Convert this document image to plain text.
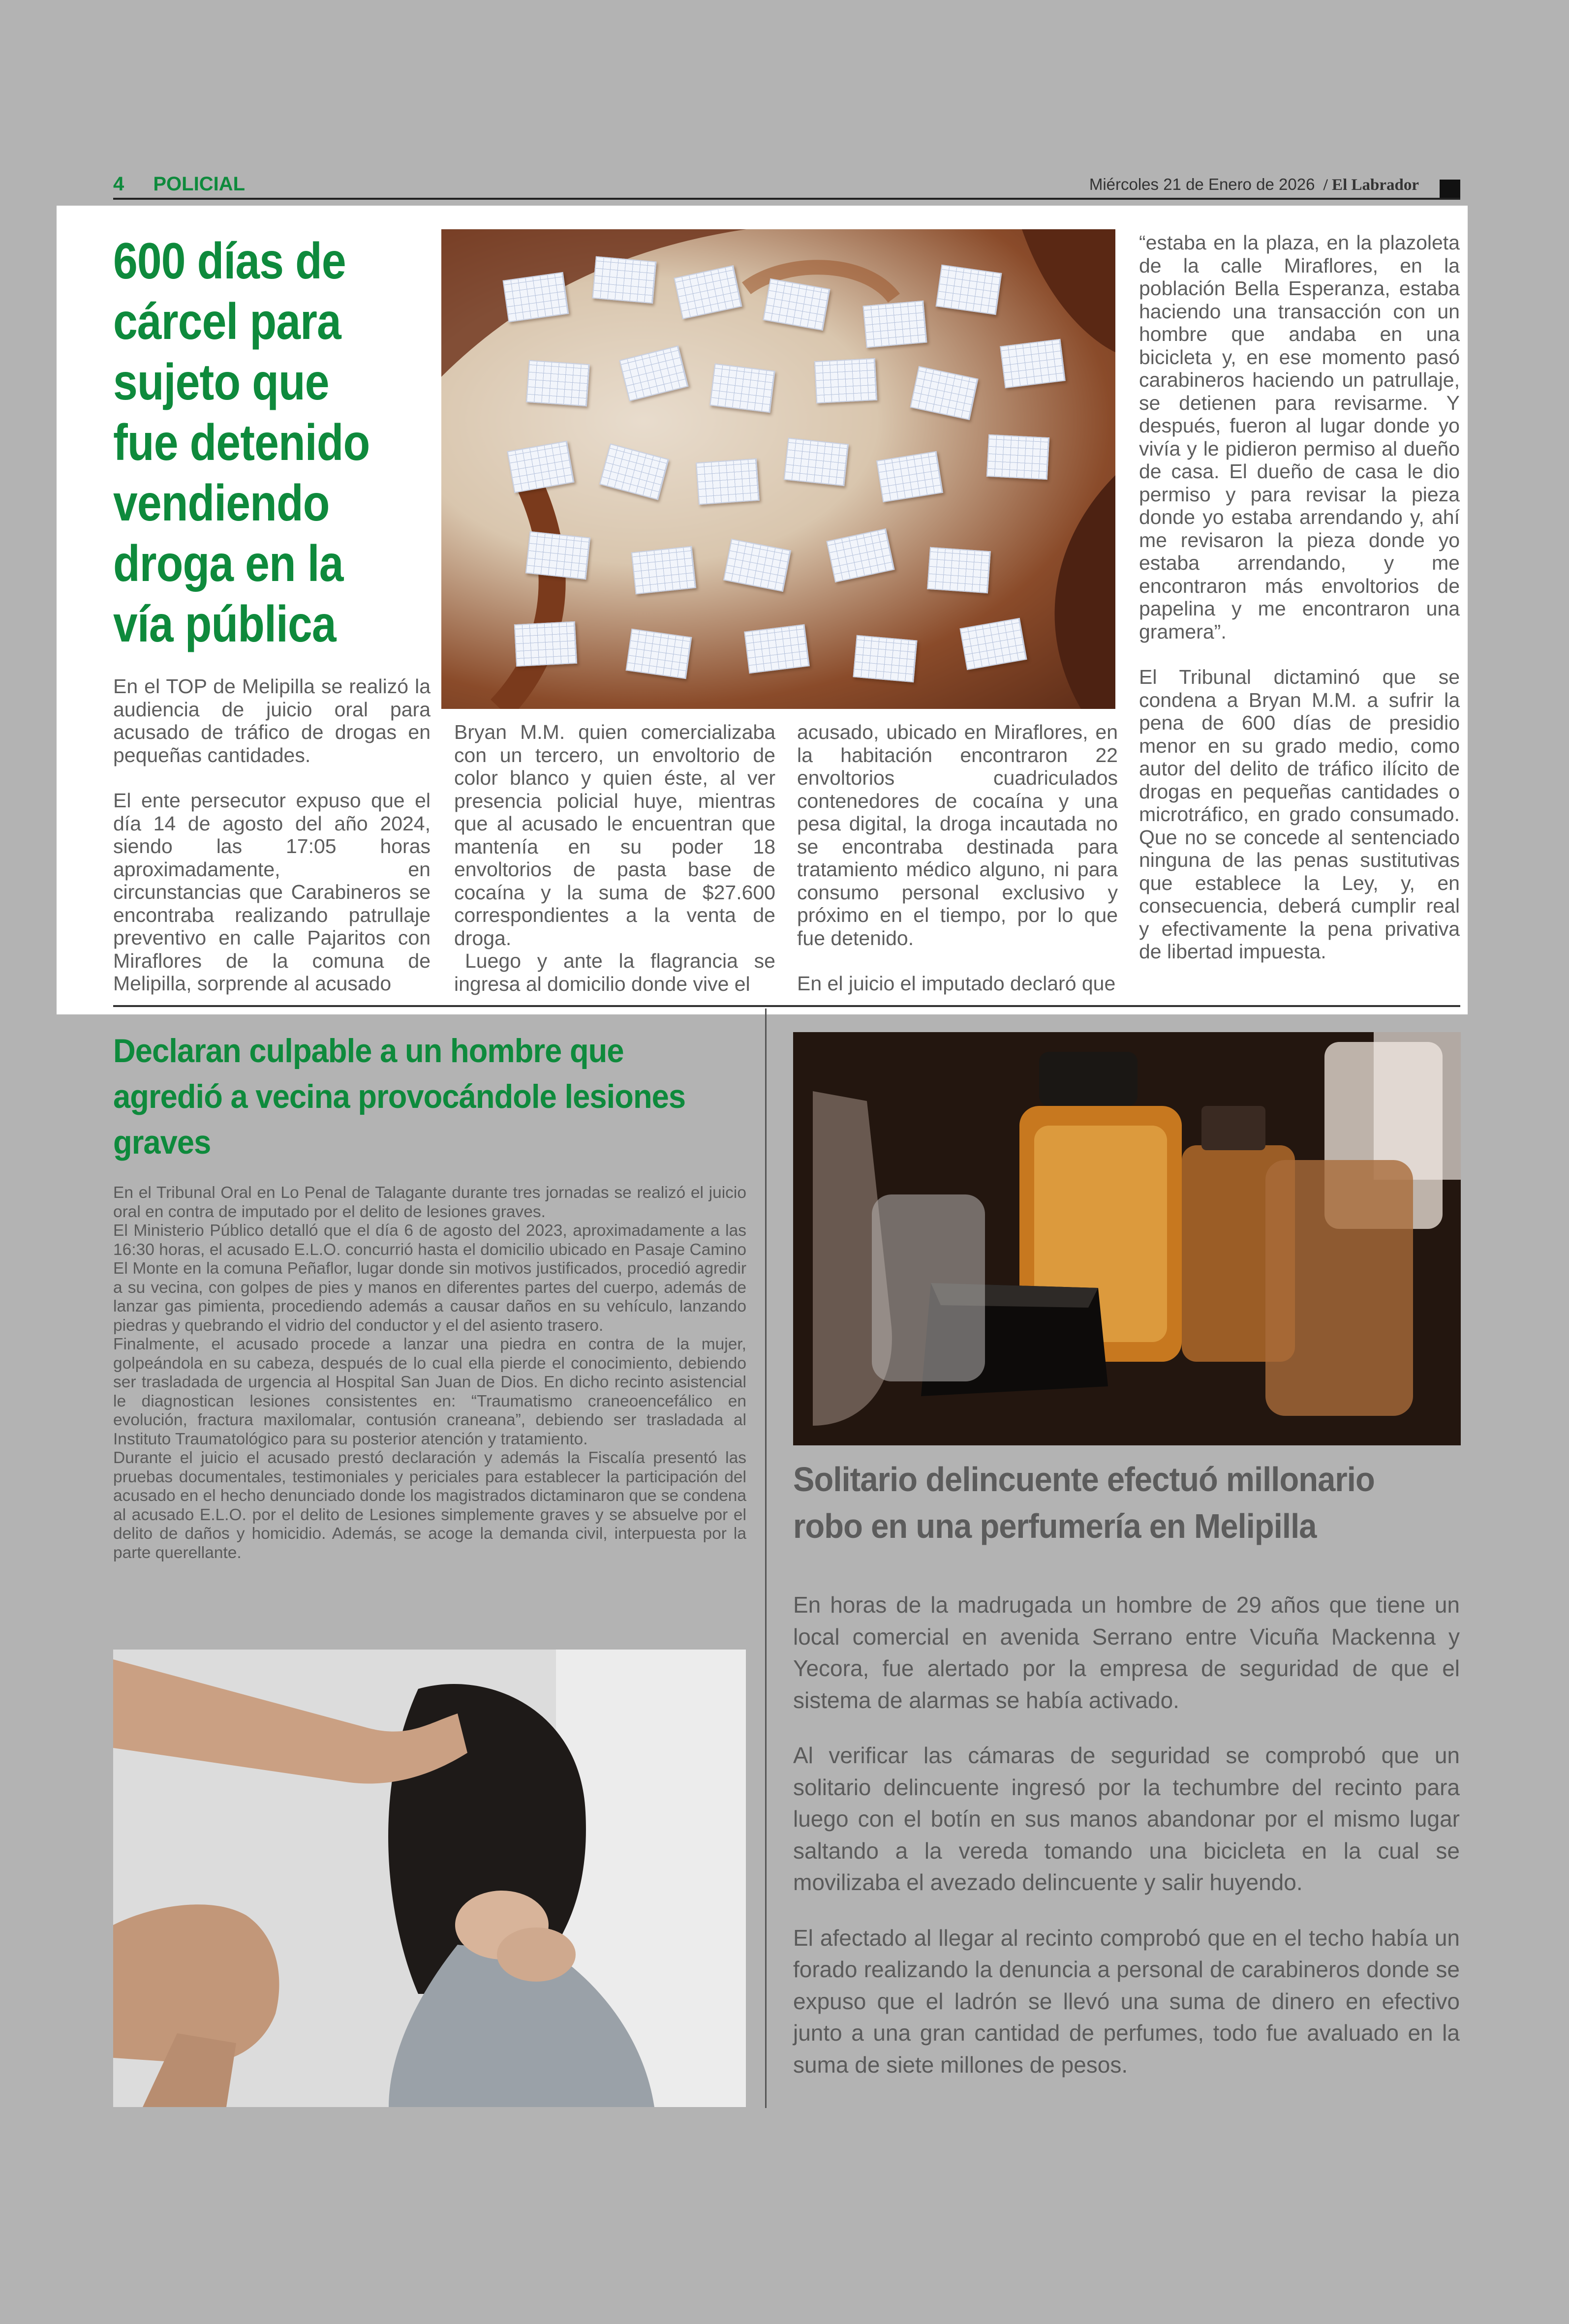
4 POLICIAL	Miércoles 21 de Enero de 2026 / El Labrador
600 días de cárcel para sujeto que fue detenido vendiendo droga en la vía pública

En el TOP de Melipilla se realizó la audiencia de juicio oral para acusado de tráfico de drogas en pequeñas cantidades.

El ente persecutor expuso que el día 14 de agosto del año 2024, siendo las 17:05 horas aproximadamente, en circunstancias que Carabineros se encontraba realizando patrullaje preventivo en calle Pajaritos con Miraflores de la comuna de Melipilla, sorprende al acusado

Bryan M.M. quien comercializaba con un tercero, un envoltorio de color blanco y quien éste, al ver presencia policial huye, mientras que al acusado le encuentran que mantenía en su poder 18 envoltorios de pasta base de cocaína y la suma de $27.600 correspondientes a la venta de droga.

Luego y ante la flagrancia se ingresa al domicilio donde vive el

acusado, ubicado en Miraflores, en la habitación encontraron 22 envoltorios cuadriculados contenedores de cocaína y una pesa digital, la droga incautada no se encontraba destinada para tratamiento médico alguno, ni para consumo personal exclusivo y próximo en el tiempo, por lo que fue detenido.

En el juicio el imputado declaró que

“estaba en la plaza, en la plazoleta de la calle Miraflores, en la población Bella Esperanza, estaba haciendo una transacción con un hombre que andaba en una bicicleta y, en ese momento pasó carabineros haciendo un patrullaje, se detienen para revisarme. Y después, fueron al lugar donde yo vivía y le pidieron permiso al dueño de casa. El dueño de casa le dio permiso y para revisar la pieza donde yo estaba arrendando y, ahí me revisaron la pieza donde yo estaba arrendando, y me encontraron más envoltorios de papelina y me encontraron una gramera”.

El Tribunal dictaminó que se condena a Bryan M.M. a sufrir la pena de 600 días de presidio menor en su grado medio, como autor del delito de tráfico ilícito de drogas en pequeñas cantidades o microtráfico, en grado consumado. Que no se concede al sentenciado ninguna de las penas sustitutivas que establece la Ley, y, en consecuencia, deberá cumplir real y efectivamente la pena privativa de libertad impuesta.

Declaran culpable a un hombre que agredió a vecina provocándole lesiones graves

En el Tribunal Oral en Lo Penal de Talagante durante tres jornadas se realizó el juicio oral en contra de imputado por el delito de lesiones graves.

El Ministerio Público detalló que el día 6 de agosto del 2023, aproximadamente a las 16:30 horas, el acusado E.L.O. concurrió hasta el domicilio ubicado en Pasaje Camino El Monte en la comuna Peñaflor, lugar donde sin motivos justificados, procedió agredir a su vecina, con golpes de pies y manos en diferentes partes del cuerpo, además de lanzar gas pimienta, procediendo además a causar daños en su vehículo, lanzando piedras y quebrando el vidrio del conductor y el del asiento trasero.

Finalmente, el acusado procede a lanzar una piedra en contra de la mujer, golpeándola en su cabeza, después de lo cual ella pierde el conocimiento, debiendo ser trasladada de urgencia al Hospital San Juan de Dios. En dicho recinto asistencial le diagnostican lesiones consistentes en: “Traumatismo craneoencefálico en evolución, fractura maxilomalar, contusión craneana”, debiendo ser trasladada al Instituto Traumatológico para su posterior atención y tratamiento.

Durante el juicio el acusado prestó declaración y además la Fiscalía presentó las pruebas documentales, testimoniales y periciales para establecer la participación del acusado en el hecho denunciado donde los magistrados dictaminaron que se condena al acusado E.L.O. por el delito de Lesiones simplemente graves y se absuelve por el delito de daños y homicidio. Además, se acoge la demanda civil, interpuesta por la parte querellante.

Solitario delincuente efectuó millonario robo en una perfumería en Melipilla

En horas de la madrugada un hombre de 29 años que tiene un local comercial en avenida Serrano entre Vicuña Mackenna y Yecora, fue alertado por la empresa de seguridad de que el sistema de alarmas se había activado.

Al verificar las cámaras de seguridad se comprobó que un solitario delincuente ingresó por la techumbre del recinto para luego con el botín en sus manos abandonar por el mismo lugar saltando a la vereda tomando una bicicleta en la cual se movilizaba el avezado delincuente y salir huyendo.

El afectado al llegar al recinto comprobó que en el techo había un forado realizando la denuncia a personal de carabineros donde se expuso que el ladrón se llevó una suma de dinero en efectivo junto a una gran cantidad de perfumes, todo fue avaluado en la suma de siete millones de pesos.
